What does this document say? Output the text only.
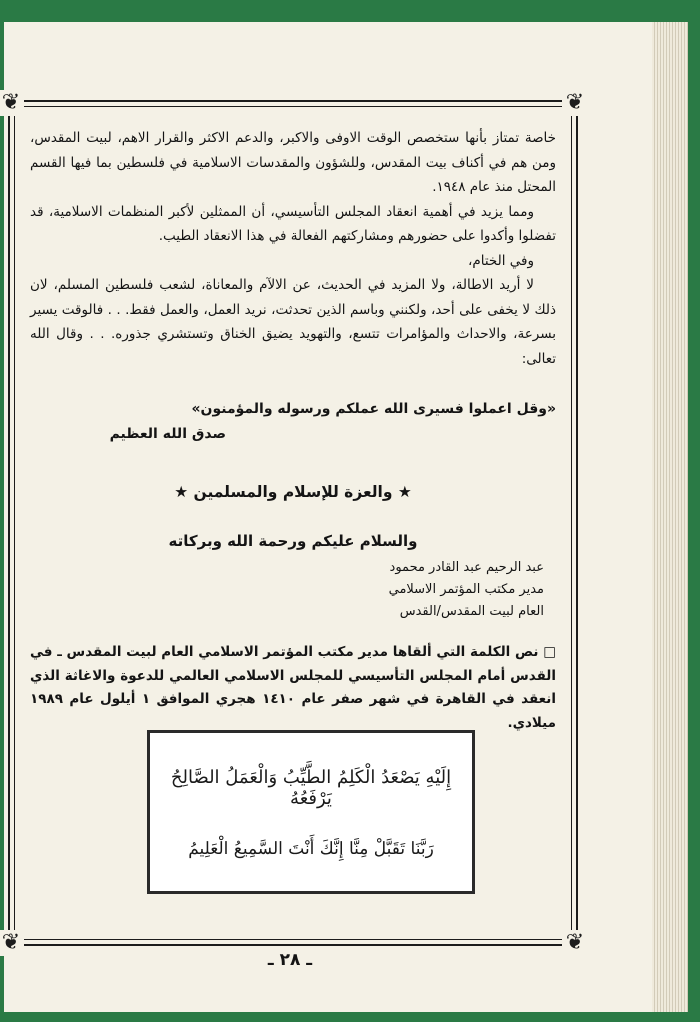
❦	❦
❦	❦

خاصة تمتاز بأنها ستخصص الوقت الاوفى والاكبر، والدعم الاكثر والقرار الاهم، لبيت المقدس، ومن هم في أكناف بيت المقدس، وللشؤون والمقدسات الاسلامية في فلسطين بما فيها القسم المحتل منذ عام ١٩٤٨.

ومما يزيد في أهمية انعقاد المجلس التأسيسي، أن الممثلين لأكبر المنظمات الاسلامية، قد تفضلوا وأكدوا على حضورهم ومشاركتهم الفعالة في هذا الانعقاد الطيب.

وفي الختام،

لا أريد الاطالة، ولا المزيد في الحديث، عن الالآم والمعاناة، لشعب فلسطين المسلم، لان ذلك لا يخفى على أحد، ولكنني وباسم الذين تحدثت، نريد العمل، والعمل فقط. . . فالوقت يسير بسرعة، والاحداث والمؤامرات تتسع، والتهويد يضيق الخناق وتستشري جذوره. . . وقال الله تعالى:

«وقل اعملوا فسيرى الله عملكم ورسوله والمؤمنون»

صدق الله العظيم

★ والعزة للإسلام والمسلمين ★

والسلام عليكم ورحمة الله وبركاته

عبد الرحيم عبد القادر محمود
مدير مكتب المؤتمر الاسلامي
العام لبيت المقدس/القدس

□ نص الكلمة التي ألقاها مدير مكتب المؤتمر الاسلامي العام لبيت المقدس ـ في القدس أمام المجلس التأسيسي للمجلس الاسلامي العالمي للدعوة والاغاثة الذي انعقد في القاهرة في شهر صفر عام ١٤١٠ هجري الموافق ١ أيلول عام ١٩٨٩ ميلادي.

إِلَيْهِ يَصْعَدُ الْكَلِمُ الطَّيِّبُ وَالْعَمَلُ الصَّالِحُ يَرْفَعُهُ
رَبَّنَا تَقَبَّلْ مِنَّا إِنَّكَ أَنْتَ السَّمِيعُ الْعَلِيمُ
ـ ٢٨ ـ
